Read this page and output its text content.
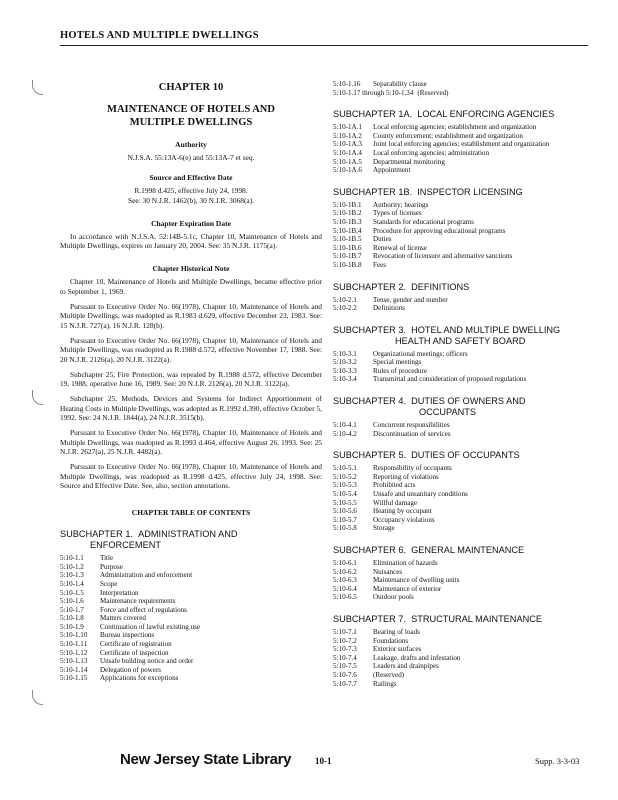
HOTELS AND MULTIPLE DWELLINGS
CHAPTER 10
MAINTENANCE OF HOTELS AND
MULTIPLE DWELLINGS
Authority
N.J.S.A. 55:13A-6(e) and 55:13A-7 et seq.
Source and Effective Date
R.1998 d.425, effective July 24, 1998.
See: 30 N.J.R. 1462(b), 30 N.J.R. 3068(a).
Chapter Expiration Date
In accordance with N.J.S.A. 52:14B-5.1c, Chapter 10, Maintenance of Hotels and Multiple Dwellings, expires on January 20, 2004. See: 35 N.J.R. 1175(a).
Chapter Historical Note
Chapter 10, Maintenance of Hotels and Multiple Dwellings, became effective prior to September 1, 1969.
Pursuant to Executive Order No. 66(1978), Chapter 10, Maintenance of Hotels and Multiple Dwellings, was readopted as R.1983 d.629, effective December 23, 1983. See: 15 N.J.R. 727(a), 16 N.J.R. 128(b).
Pursuant to Executive Order No. 66(1978), Chapter 10, Maintenance of Hotels and Multiple Dwellings, was readopted as R.1988 d.572, effective November 17, 1988. See: 20 N.J.R. 2126(a), 20 N.J.R. 3122(a).
Subchapter 25, Fire Protection, was repealed by R.1988 d.572, effective December 19, 1988, operative June 16, 1989. See: 20 N.J.R. 2126(a), 20 N.J.R. 3122(a).
Subchapter 25, Methods, Devices and Systems for Indirect Apportionment of Heating Costs in Multiple Dwellings, was adopted as R.1992 d.390, effective October 5, 1992. See: 24 N.J.R. 1844(a), 24 N.J.R. 3515(b).
Pursuant to Executive Order No. 66(1978), Chapter 10, Maintenance of Hotels and Multiple Dwellings, was readopted as R.1993 d.464, effective August 26, 1993. See: 25 N.J.R. 2627(a), 25 N.J.R. 4482(a).
Pursuant to Executive Order No. 66(1978), Chapter 10, Maintenance of Hotels and Multiple Dwellings, was readopted as R.1998 d.425, effective July 24, 1998. See: Source and Effective Date. See, also, section annotations.
CHAPTER TABLE OF CONTENTS
SUBCHAPTER 1. ADMINISTRATION AND
ENFORCEMENT
5:10-1.1	Title
5:10-1.2	Purpose
5:10-1.3	Administration and enforcement
5:10-1.4	Scope
5:10-1.5	Interpretation
5:10-1.6	Maintenance requirements
5:10-1.7	Force and effect of regulations
5:10-1.8	Matters covered
5:10-1.9	Continuation of lawful existing use
5:10-1.10	Bureau inspections
5:10-1.11	Certificate of registration
5:10-1.12	Certificate of inspection
5:10-1.13	Unsafe building notice and order
5:10-1.14	Delegation of powers
5:10-1.15	Applications for exceptions
5:10-1.16	Separability clause
5:10-1.17 through 5:10-1.34 (Reserved)
SUBCHAPTER 1A. LOCAL ENFORCING AGENCIES
5:10-1A.1	Local enforcing agencies; establishment and organization
5:10-1A.2	County enforcement; establishment and organization
5:10-1A.3	Joint local enforcing agencies; establishment and organization
5:10-1A.4	Local enforcing agencies; administration
5:10-1A.5	Departmental monitoring
5:10-1A.6	Appointment
SUBCHAPTER 1B. INSPECTOR LICENSING
5:10-1B.1	Authority; hearings
5:10-1B.2	Types of licenses
5:10-1B.3	Standards for educational programs
5:10-1B.4	Procedure for approving educational programs
5:10-1B.5	Duties
5:10-1B.6	Renewal of license
5:10-1B.7	Revocation of licensure and alternative sanctions
5:10-1B.8	Fees
SUBCHAPTER 2. DEFINITIONS
5:10-2.1	Tense, gender and number
5:10-2.2	Definitions
SUBCHAPTER 3. HOTEL AND MULTIPLE DWELLING
HEALTH AND SAFETY BOARD
5:10-3.1	Organizational meetings; officers
5:10-3.2	Special meetings
5:10-3.3	Rules of procedure
5:10-3.4	Transmittal and consideration of proposed regulations
SUBCHAPTER 4. DUTIES OF OWNERS AND
OCCUPANTS
5:10-4.1	Concurrent responsibilities
5:10-4.2	Discontinuation of services
SUBCHAPTER 5. DUTIES OF OCCUPANTS
5:10-5.1	Responsibility of occupants
5:10-5.2	Reporting of violations
5:10-5.3	Prohibited acts
5:10-5.4	Unsafe and unsanitary conditions
5:10-5.5	Willful damage
5:10-5.6	Heating by occupant
5:10-5.7	Occupancy violations
5:10-5.8	Storage
SUBCHAPTER 6. GENERAL MAINTENANCE
5:10-6.1	Elimination of hazards
5:10-6.2	Nuisances
5:10-6.3	Maintenance of dwelling units
5:10-6.4	Maintenance of exterior
5:10-6.5	Outdoor pools
SUBCHAPTER 7. STRUCTURAL MAINTENANCE
5:10-7.1	Bearing of loads
5:10-7.2	Foundations
5:10-7.3	Exterior surfaces
5:10-7.4	Leakage, drafts and infestation
5:10-7.5	Leaders and drainpipes
5:10-7.6	(Reserved)
5:10-7.7	Railings
New Jersey State Library	10-1	Supp. 3-3-03
